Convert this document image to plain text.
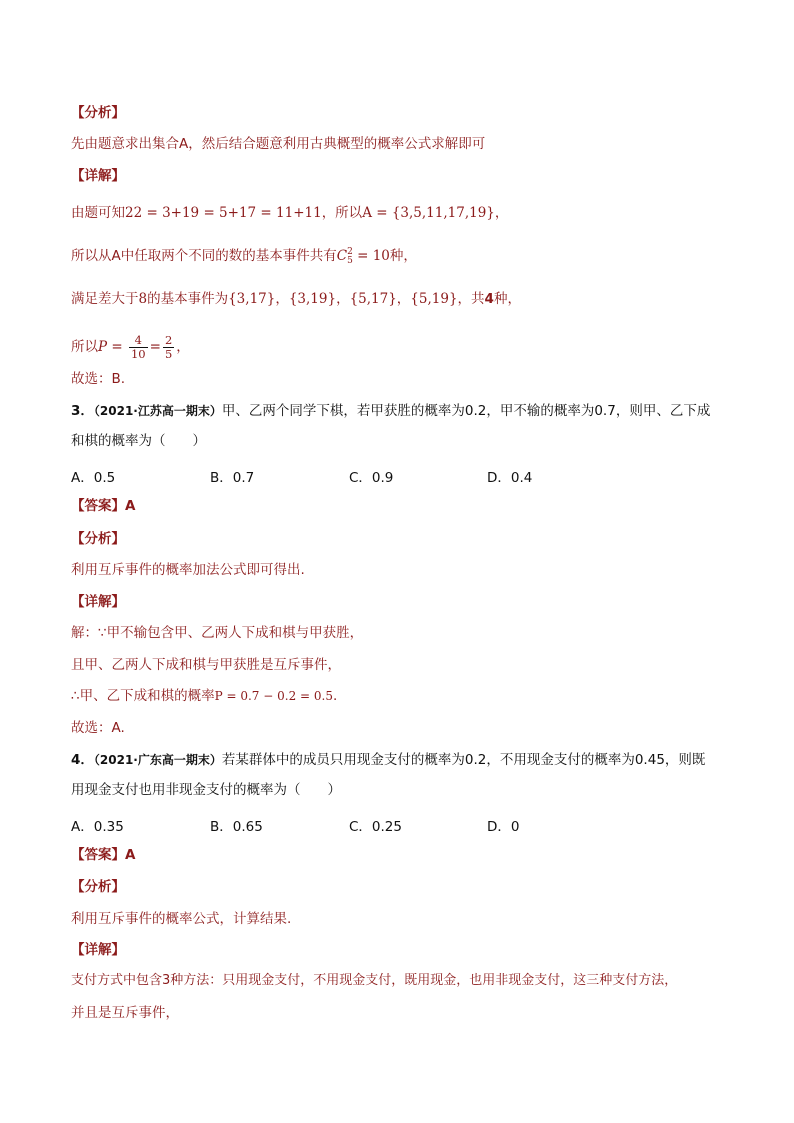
【分析】
先由题意求出集合A，然后结合题意利用古典概型的概率公式求解即可
【详解】
由题可知22 = 3+19 = 5+17 = 11+11，所以A = {3,5,11,17,19}，
所以从A中任取两个不同的数的基本事件共有C 2
5 = 10种，
满足差大于8的基本事件为{3,17}，{3,19}，{5,17}，{5,19}，共4种，
所以$P = \frac{4}{10} = \frac{2}{5}$ ，
故选：B.
3．（2021·江苏高一期末）甲、乙两个同学下棋，若甲获胜的概率为0.2，甲不输的概率为0.7，则甲、乙下成
和棋的概率为（　　）
A．0.5	B．0.7	C．0.9	D．0.4
【答案】A
【分析】
利用互斥事件的概率加法公式即可得出.
【详解】
解：∵甲不输包含甲、乙两人下成和棋与甲获胜，
且甲、乙两人下成和棋与甲获胜是互斥事件，
∴甲、乙下成和棋的概率P = 0.7 − 0.2 = 0.5.
故选：A.
4．（2021·广东高一期末）若某群体中的成员只用现金支付的概率为0.2，不用现金支付的概率为0.45，则既
用现金支付也用非现金支付的概率为（　　）
A．0.35	B．0.65	C．0.25	D．0
【答案】A
【分析】
利用互斥事件的概率公式，计算结果.
【详解】
支付方式中包含3种方法：只用现金支付，不用现金支付，既用现金，也用非现金支付，这三种支付方法，
并且是互斥事件，
